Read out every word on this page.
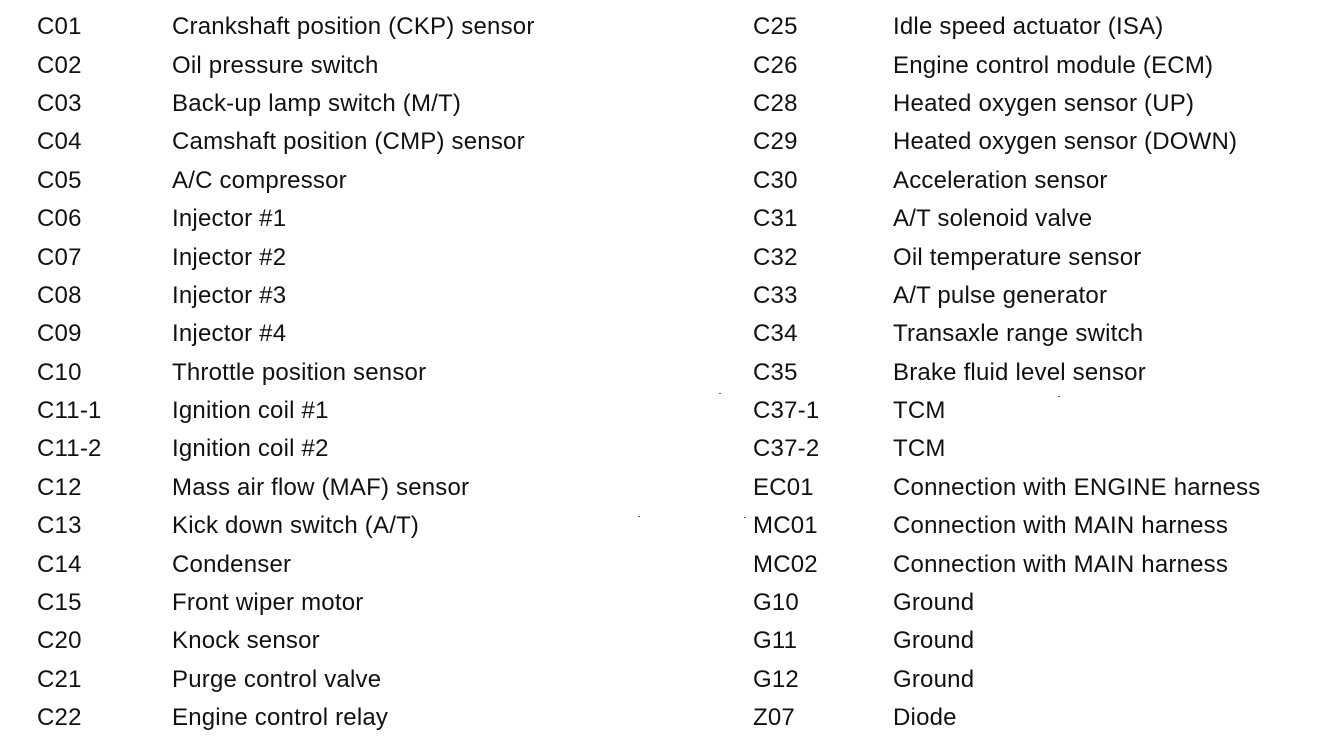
C01	Crankshaft position (CKP) sensor
C02	Oil pressure switch
C03	Back-up lamp switch (M/T)
C04	Camshaft position (CMP) sensor
C05	A/C compressor
C06	Injector #1
C07	Injector #2
C08	Injector #3
C09	Injector #4
C10	Throttle position sensor
C11-1	Ignition coil #1
C11-2	Ignition coil #2
C12	Mass air flow (MAF) sensor
C13	Kick down switch (A/T)
C14	Condenser
C15	Front wiper motor
C20	Knock sensor
C21	Purge control valve
C22	Engine control relay
C25	Idle speed actuator (ISA)
C26	Engine control module (ECM)
C28	Heated oxygen sensor (UP)
C29	Heated oxygen sensor (DOWN)
C30	Acceleration sensor
C31	A/T solenoid valve
C32	Oil temperature sensor
C33	A/T pulse generator
C34	Transaxle range switch
C35	Brake fluid level sensor
C37-1	TCM
C37-2	TCM
EC01	Connection with ENGINE harness
MC01	Connection with MAIN harness
MC02	Connection with MAIN harness
G10	Ground
G11	Ground
G12	Ground
Z07	Diode
